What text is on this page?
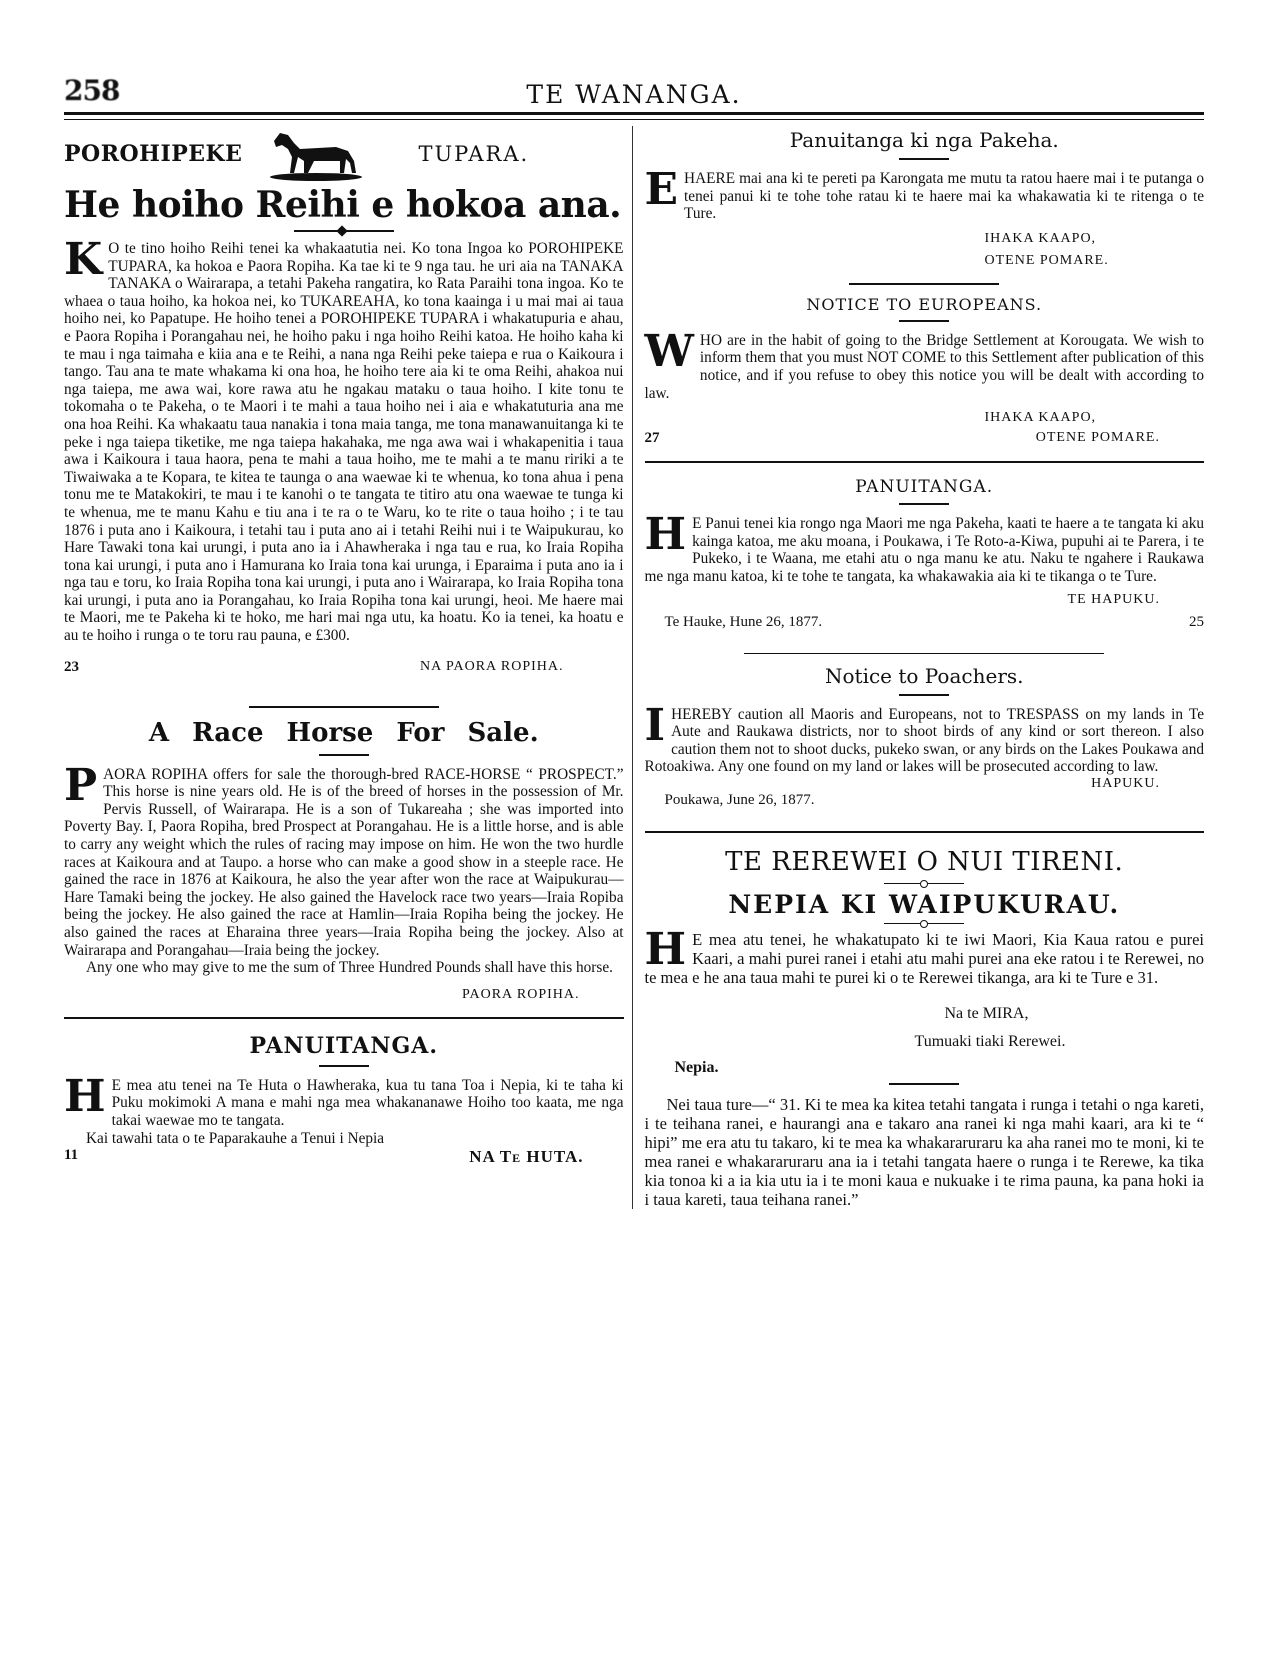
258	TE WANANGA.
POROHIPEKE	TUPARA.
He hoiho Reihi e hokoa ana.

K O te tino hoiho Reihi tenei ka whakaatutia nei. Ko tona Ingoa ko POROHIPEKE TUPARA, ka hokoa e Paora Ropiha. Ka tae ki te 9 nga tau. he uri aia na TANAKA TANAKA o Wairarapa, a tetahi Pakeha rangatira, ko Rata Paraihi tona ingoa. Ko te whaea o taua hoiho, ka hokoa nei, ko TUKAREAHA, ko tona kaainga i u mai mai ai taua hoiho nei, ko Papatupe. He hoiho tenei a POROHIPEKE TUPARA i whakatupuria e ahau, e Paora Ropiha i Porangahau nei, he hoiho paku i nga hoiho Reihi katoa. He hoiho kaha ki te mau i nga taimaha e kiia ana e te Reihi, a nana nga Reihi peke taiepa e rua o Kaikoura i tango. Tau ana te mate whakama ki ona hoa, he hoiho tere aia ki te oma Reihi, ahakoa nui nga taiepa, me awa wai, kore rawa atu he ngakau mataku o taua hoiho. I kite tonu te tokomaha o te Pakeha, o te Maori i te mahi a taua hoiho nei i aia e whakatuturia ana me ona hoa Reihi. Ka whakaatu taua nanakia i tona maia tanga, me tona manawanuitanga ki te peke i nga taiepa tiketike, me nga taiepa hakahaka, me nga awa wai i whakapenitia i taua awa i Kaikoura i taua haora, pena te mahi a taua hoiho, me te mahi a te manu ririki a te Tiwaiwaka a te Kopara, te kitea te taunga o ana waewae ki te whenua, ko tona ahua i pena tonu me te Matakokiri, te mau i te kanohi o te tangata te titiro atu ona waewae te tunga ki te whenua, me te manu Kahu e tiu ana i te ra o te Waru, ko te rite o taua hoiho ; i te tau 1876 i puta ano i Kaikoura, i tetahi tau i puta ano ai i tetahi Reihi nui i te Waipukurau, ko Hare Tawaki tona kai urungi, i puta ano ia i Ahawheraka i nga tau e rua, ko Iraia Ropiha tona kai urungi, i puta ano i Hamurana ko Iraia tona kai urunga, i Eparaima i puta ano ia i nga tau e toru, ko Iraia Ropiha tona kai urungi, i puta ano i Wairarapa, ko Iraia Ropiha tona kai urungi, i puta ano ia Porangahau, ko Iraia Ropiha tona kai urungi, heoi. Me haere mai te Maori, me te Pakeha ki te hoko, me hari mai nga utu, ka hoatu. Ko ia tenei, ka hoatu e au te hoiho i runga o te toru rau pauna, e £300.

23	NA PAORA ROPIHA.
A Race Horse For Sale.

PAORA ROPIHA offers for sale the thorough-bred RACE-HORSE “ PROSPECT.” This horse is nine years old. He is of the breed of horses in the possession of Mr. Pervis Russell, of Wairarapa. He is a son of Tukareaha ; she was imported into Poverty Bay. I, Paora Ropiha, bred Prospect at Porangahau. He is a little horse, and is able to carry any weight which the rules of racing may impose on him. He won the two hurdle races at Kaikoura and at Taupo. a horse who can make a good show in a steeple race. He gained the race in 1876 at Kaikoura, he also the year after won the race at Waipukurau—Hare Tamaki being the jockey. He also gained the Havelock race two years—Iraia Ropiba being the jockey. He also gained the race at Hamlin—Iraia Ropiha being the jockey. He also gained the races at Eharaina three years—Iraia Ropiha being the jockey. Also at Wairarapa and Porangahau—Iraia being the jockey.

Any one who may give to me the sum of Three Hundred Pounds shall have this horse.

PAORA ROPIHA.
PANUITANGA.

H E mea atu tenei na Te Huta o Hawheraka, kua tu tana Toa i Nepia, ki te taha ki Puku mokimoki A mana e mahi nga mea whakananawe Hoiho too kaata, me nga takai waewae mo te tangata.

Kai tawahi tata o te Paparakauhe a Tenui i Nepia

11	NA Te HUTA.
Panuitanga ki nga Pakeha.

EHAERE mai ana ki te pereti pa Karongata me mutu ta ratou haere mai i te putanga o tenei panui ki te tohe tohe ratau ki te haere mai ka whakawatia ki te ritenga o te Ture.

IHAKA KAAPO,
OTENE POMARE.
NOTICE TO EUROPEANS.

WHO are in the habit of going to the Bridge Settlement at Korougata. We wish to inform them that you must NOT COME to this Settlement after publication of this notice, and if you refuse to obey this notice you will be dealt with according to law.

IHAKA KAAPO,
27	OTENE POMARE.
PANUITANGA.

H E Panui tenei kia rongo nga Maori me nga Pakeha, kaati te haere a te tangata ki aku kainga katoa, me aku moana, i Poukawa, i Te Roto-a-Kiwa, pupuhi ai te Parera, i te Pukeko, i te Waana, me etahi atu o nga manu ke atu. Naku te ngahere i Raukawa me nga manu katoa, ki te tohe te tangata, ka whakawakia aia ki te tikanga o te Ture.

TE HAPUKU.
Te Hauke, Hune 26, 1877.	25
Notice to Poachers.

IHEREBY caution all Maoris and Europeans, not to TRESPASS on my lands in Te Aute and Raukawa districts, nor to shoot birds of any kind or sort thereon. I also caution them not to shoot ducks, pukeko swan, or any birds on the Lakes Poukawa and Rotoakiwa. Any one found on my land or lakes will be prosecuted according to law.

HAPUKU.
Poukawa, June 26, 1877.
TE REREWEI O NUI TIRENI.
NEPIA KI WAIPUKURAU.

H E mea atu tenei, he whakatupato ki te iwi Maori, Kia Kaua ratou e purei Kaari, a mahi purei ranei i etahi atu mahi purei ana eke ratou i te Rerewei, no te mea e he ana taua mahi te purei ki o te Rerewei tikanga, ara ki te Ture e 31.

Na te MIRA,
Tumuaki tiaki Rerewei.
Nepia.

Nei taua ture—“ 31. Ki te mea ka kitea tetahi tangata i runga i tetahi o nga kareti, i te teihana ranei, e haurangi ana e takaro ana ranei ki nga mahi kaari, ara ki te “ hipi” me era atu tu takaro, ki te mea ka whakararuraru ka aha ranei mo te moni, ki te mea ranei e whakararuraru ana ia i tetahi tangata haere o runga i te Rerewe, ka tika kia tonoa ki a ia kia utu ia i te moni kaua e nukuake i te rima pauna, ka pana hoki ia i taua kareti, taua teihana ranei.”
